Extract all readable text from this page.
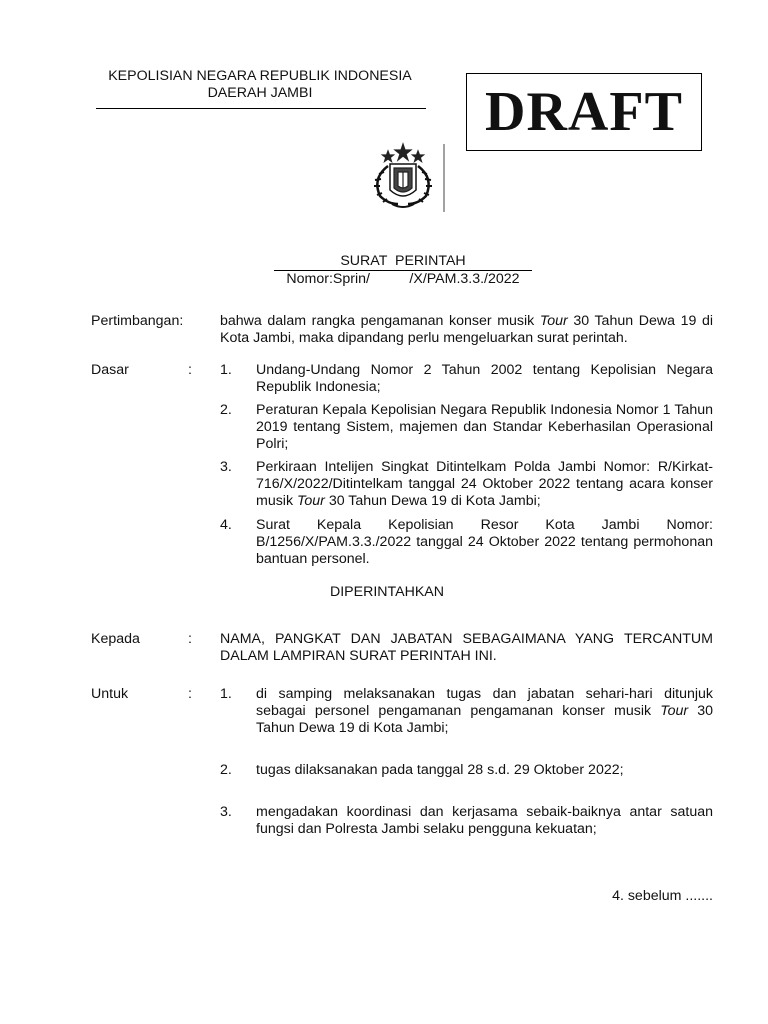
KEPOLISIAN NEGARA REPUBLIK INDONESIA
DAERAH JAMBI	DRAFT
SURAT  PERINTAH
Nomor:Sprin/          /X/PAM.3.3./2022
Pertimbangan:	bahwa dalam rangka pengamanan konser musik Tour 30 Tahun Dewa 19 di Kota Jambi, maka dipandang perlu mengeluarkan surat perintah.
Dasar	: 1. Undang-Undang Nomor 2 Tahun 2002 tentang Kepolisian Negara Republik Indonesia;
2. Peraturan Kepala Kepolisian Negara Republik Indonesia Nomor 1 Tahun 2019 tentang Sistem, majemen dan Standar Keberhasilan Operasional Polri;
3. Perkiraan Intelijen Singkat Ditintelkam Polda Jambi Nomor: R/Kirkat-716/X/2022/Ditintelkam tanggal 24 Oktober 2022 tentang acara konser musik Tour 30 Tahun Dewa 19 di Kota Jambi;
4. Surat Kepala Kepolisian Resor Kota Jambi Nomor: B/1256/X/PAM.3.3./2022 tanggal 24 Oktober 2022 tentang permohonan bantuan personel.
DIPERINTAHKAN
Kepada	: NAMA, PANGKAT DAN JABATAN SEBAGAIMANA YANG TERCANTUM DALAM LAMPIRAN SURAT PERINTAH INI.
Untuk	: 1. di samping melaksanakan tugas dan jabatan sehari-hari ditunjuk sebagai personel pengamanan pengamanan konser musik Tour 30 Tahun Dewa 19 di Kota Jambi;
2. tugas dilaksanakan pada tanggal 28 s.d. 29 Oktober 2022;
3. mengadakan koordinasi dan kerjasama sebaik-baiknya antar satuan fungsi dan Polresta Jambi selaku pengguna kekuatan;
4. sebelum .......
